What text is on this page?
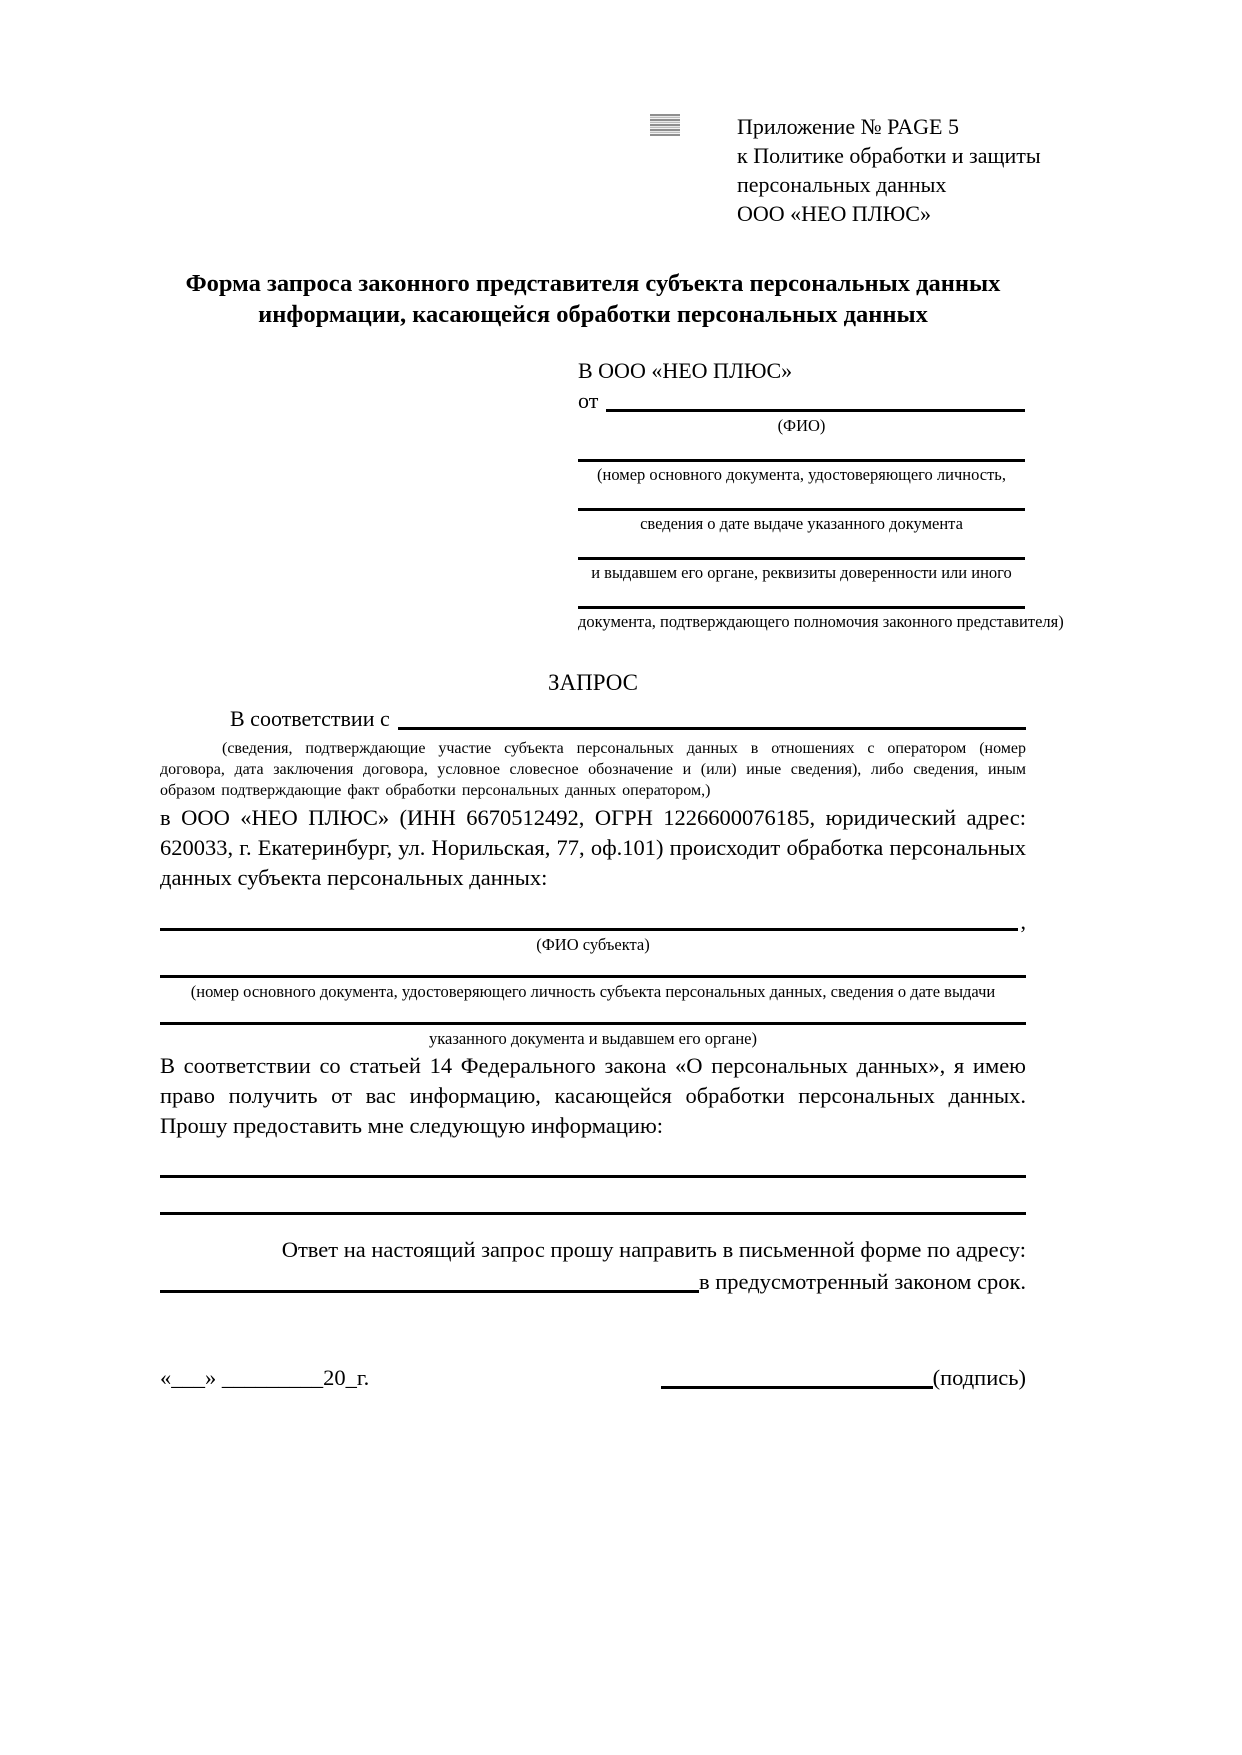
Приложение № PAGE 5
к Политике обработки и защиты
персональных данных
ООО «НЕО ПЛЮС»
Форма запроса законного представителя субъекта персональных данных
информации, касающейся обработки персональных данных
В ООО «НЕО ПЛЮС»
от
(ФИО)
(номер основного документа, удостоверяющего личность,
сведения о дате выдаче указанного документа
и выдавшем его органе, реквизиты доверенности или иного
документа, подтверждающего полномочия законного представителя)
ЗАПРОС
В соответствии с
(сведения, подтверждающие участие субъекта персональных данных в отношениях с оператором (номер договора, дата заключения договора, условное словесное обозначение и (или) иные сведения), либо сведения, иным образом подтверждающие факт обработки персональных данных оператором,)
в ООО «НЕО ПЛЮС» (ИНН 6670512492, ОГРН 1226600076185, юридический адрес: 620033, г. Екатеринбург, ул. Норильская, 77, оф.101) происходит обработка персональных данных субъекта персональных данных:
,
(ФИО субъекта)
(номер основного документа, удостоверяющего личность субъекта персональных данных, сведения о дате выдачи
указанного документа и выдавшем его органе)
В соответствии со статьей 14 Федерального закона «О персональных данных», я имею право получить от вас информацию, касающейся обработки персональных данных. Прошу предоставить мне следующую информацию:
Ответ на настоящий запрос прошу направить в письменной форме по адресу:
в предусмотренный законом срок.
«___» _________20_г.	(подпись)
